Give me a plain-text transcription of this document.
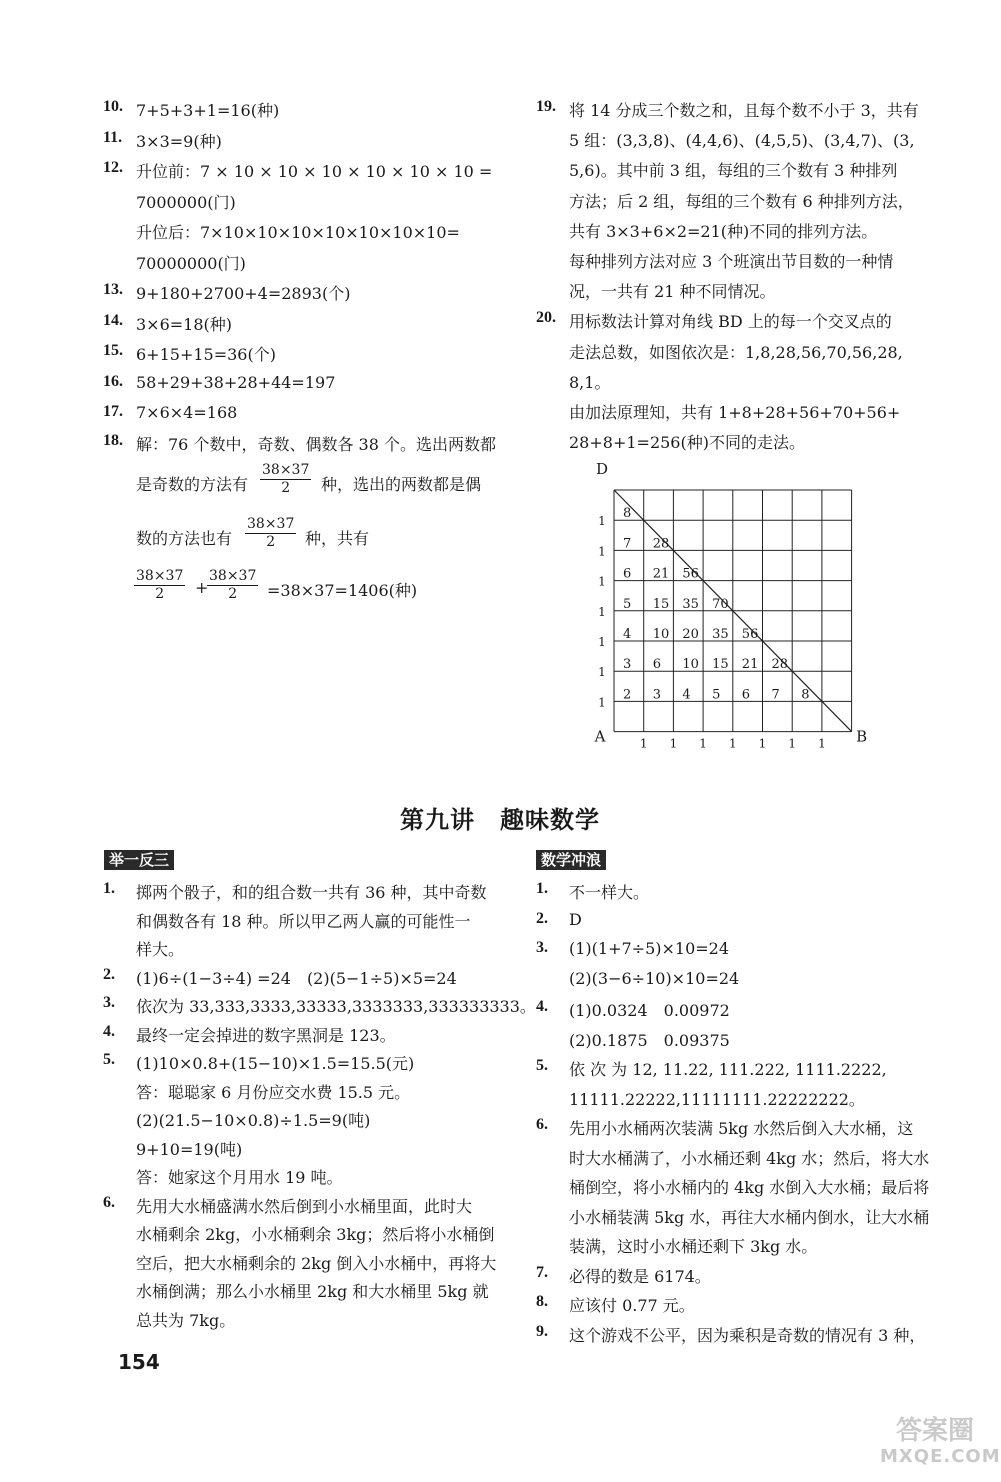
10. 7+5+3+1=16(种)
11. 3×3=9(种)
12. 升位前：7 × 10 × 10 × 10 × 10 × 10 × 10 =
7000000(门)
升位后：7×10×10×10×10×10×10×10=
70000000(门)
13. 9+180+2700+4=2893(个)
14. 3×6=18(种)
15. 6+15+15=36(个)
16. 58+29+38+28+44=197
17. 7×6×4=168
18. 解：76 个数中，奇数、偶数各 38 个。选出两数都
是奇数的方法有 $\frac{38\times 37}{2}$ 种，选出的两数都是偶
数的方法也有 $\frac{38\times 37}{2}$ 种，共有
$\frac{38\times 37}{2}$ +
$\frac{38\times 37}{2} =38\times 37=1406$(种)
19. 将 14 分成三个数之和，且每个数不小于 3，共有
5 组：(3,3,8)、(4,4,6)、(4,5,5)、(3,4,7)、(3,
5,6)。其中前 3 组，每组的三个数有 3 种排列
方法；后 2 组，每组的三个数有 6 种排列方法，
共有 3×3+6×2=21(种)不同的排列方法。
每种排列方法对应 3 个班演出节目数的一种情
况，一共有 21 种不同情况。
20. 用标数法计算对角线 BD 上的每一个交叉点的
走法总数，如图依次是：1,8,28,56,70,56,28,
8,1。
由加法原理知，共有 1+8+28+56+70+56+
28+8+1=256(种)不同的走法。
D
A	B
1
1
1
1
1
1
1
1 1 1 1 1 1 1
8
7 28
6 21 56
5 15 35 70
4 10 20 35 56
3 6 10 15 21 28
2 3 4 5 6 7 8
第九讲　趣味数学
举一反三	数学冲浪
1. 掷两个骰子，和的组合数一共有 36 种，其中奇数
和偶数各有 18 种。所以甲乙两人赢的可能性一
样大。
2. (1)6÷(1−3÷4) =24　(2)(5−1÷5)×5=24
3. 依次为 33,333,3333,33333,3333333,333333333。
4. 最终一定会掉进的数字黑洞是 123。
5. (1)10×0.8+(15−10)×1.5=15.5(元)
答：聪聪家 6 月份应交水费 15.5 元。
(2)(21.5−10×0.8)÷1.5=9(吨)
9+10=19(吨)
答：她家这个月用水 19 吨。
6. 先用大水桶盛满水然后倒到小水桶里面，此时大
水桶剩余 2kg，小水桶剩余 3kg；然后将小水桶倒
空后，把大水桶剩余的 2kg 倒入小水桶中，再将大
水桶倒满；那么小水桶里 2kg 和大水桶里 5kg 就
总共为 7kg。
1. 不一样大。
2. D
3. (1)(1+7÷5)×10=24
(2)(3−6÷10)×10=24
4. (1)0.0324　0.00972
(2)0.1875　0.09375
5. 依 次 为 12, 11.22, 111.222, 1111.2222,
11111.22222,11111111.22222222。
6. 先用小水桶两次装满 5kg 水然后倒入大水桶，这
时大水桶满了，小水桶还剩 4kg 水；然后，将大水
桶倒空，将小水桶内的 4kg 水倒入大水桶；最后将
小水桶装满 5kg 水，再往大水桶内倒水，让大水桶
装满，这时小水桶还剩下 3kg 水。
7. 必得的数是 6174。
8. 应该付 0.77 元。
9. 这个游戏不公平，因为乘积是奇数的情况有 3 种，
154
答案圈
MXQE.COM
